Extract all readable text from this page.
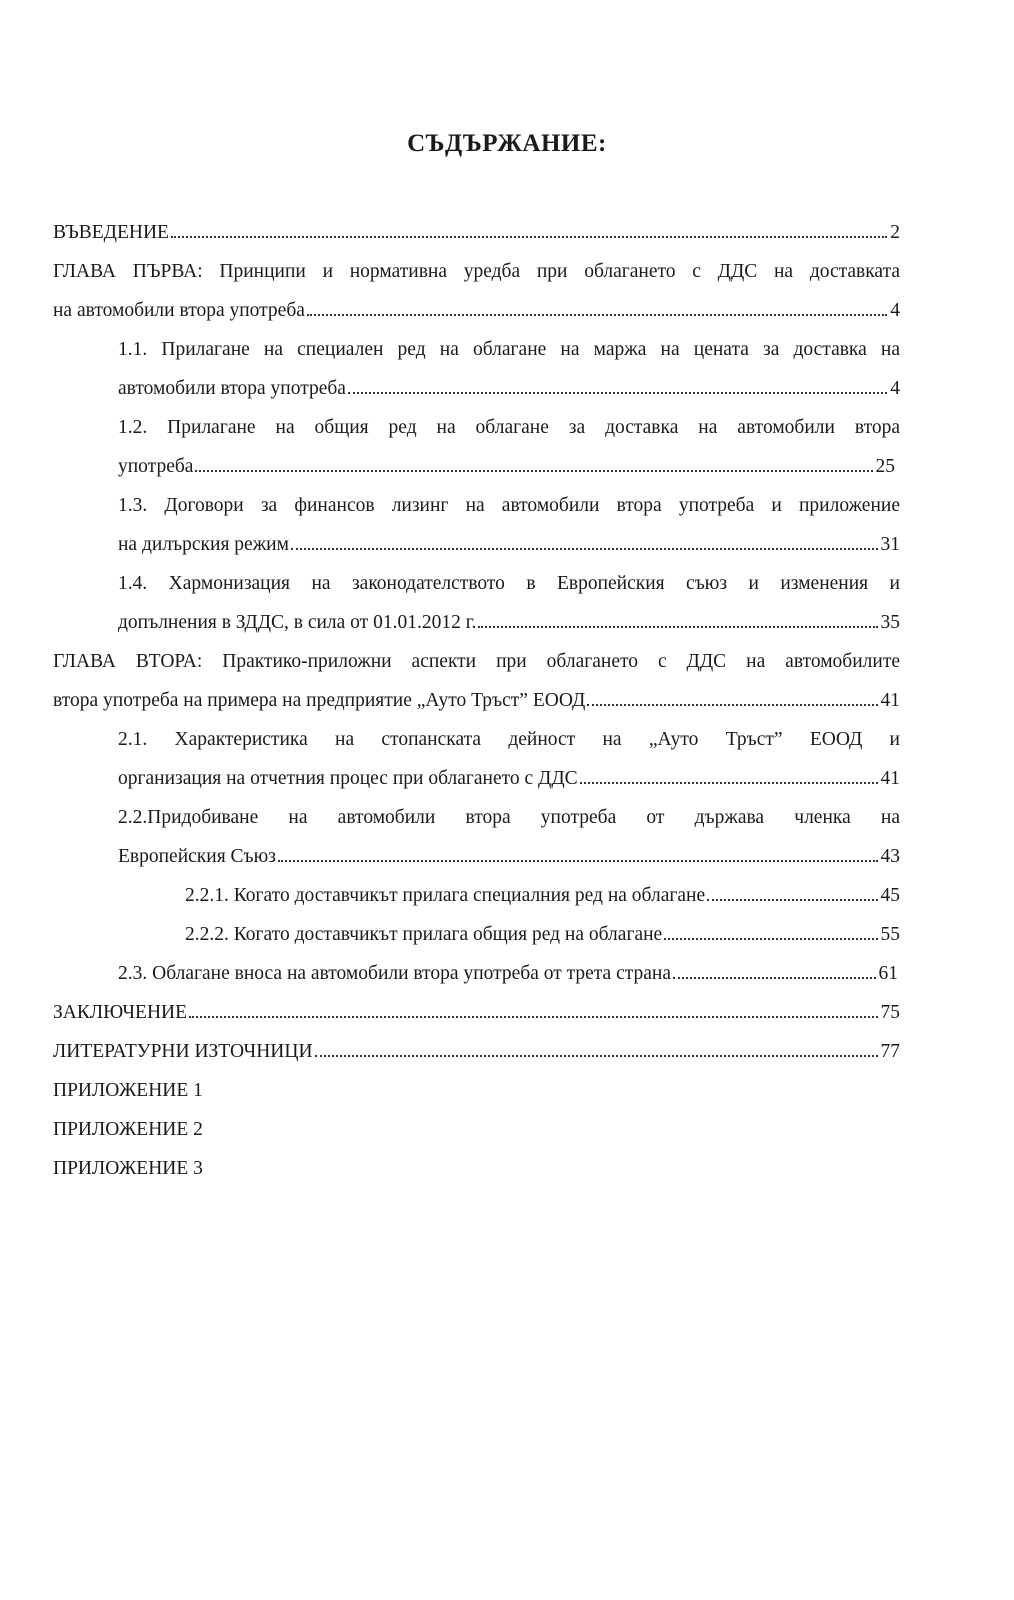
СЪДЪРЖАНИЕ:
ВЪВЕДЕНИЕ	2
ГЛАВА ПЪРВА: Принципи и нормативна уредба при облагането с ДДС на доставката
на автомобили втора употреба	4
1.1. Прилагане на специален ред на облагане на маржа на цената за доставка на
автомобили втора употреба	4
1.2. Прилагане на общия ред на облагане за доставка на автомобили втора
употреба	25
1.3. Договори за финансов лизинг на автомобили втора употреба и приложение
на дилърския режим	31
1.4. Хармонизация на законодателството в Европейския съюз и изменения и
допълнения в ЗДДС, в сила от 01.01.2012 г.	35
ГЛАВА ВТОРА: Практико-приложни аспекти при облагането с ДДС на автомобилите
втора употреба на примера на предприятие „Ауто Тръст” ЕООД	41
2.1. Характеристика на стопанската дейност на „Ауто Тръст” ЕООД и
организация на отчетния процес при облагането с ДДС	41
2.2.Придобиване на автомобили втора употреба от държава членка на
Европейския Съюз	43
2.2.1. Когато доставчикът прилага специалния ред на облагане	45
2.2.2. Когато доставчикът прилага общия ред на облагане	55
2.3. Облагане вноса на автомобили втора употреба от трета страна	61
ЗАКЛЮЧЕНИЕ	75
ЛИТЕРАТУРНИ ИЗТОЧНИЦИ	77
ПРИЛОЖЕНИЕ 1
ПРИЛОЖЕНИЕ 2
ПРИЛОЖЕНИЕ 3
